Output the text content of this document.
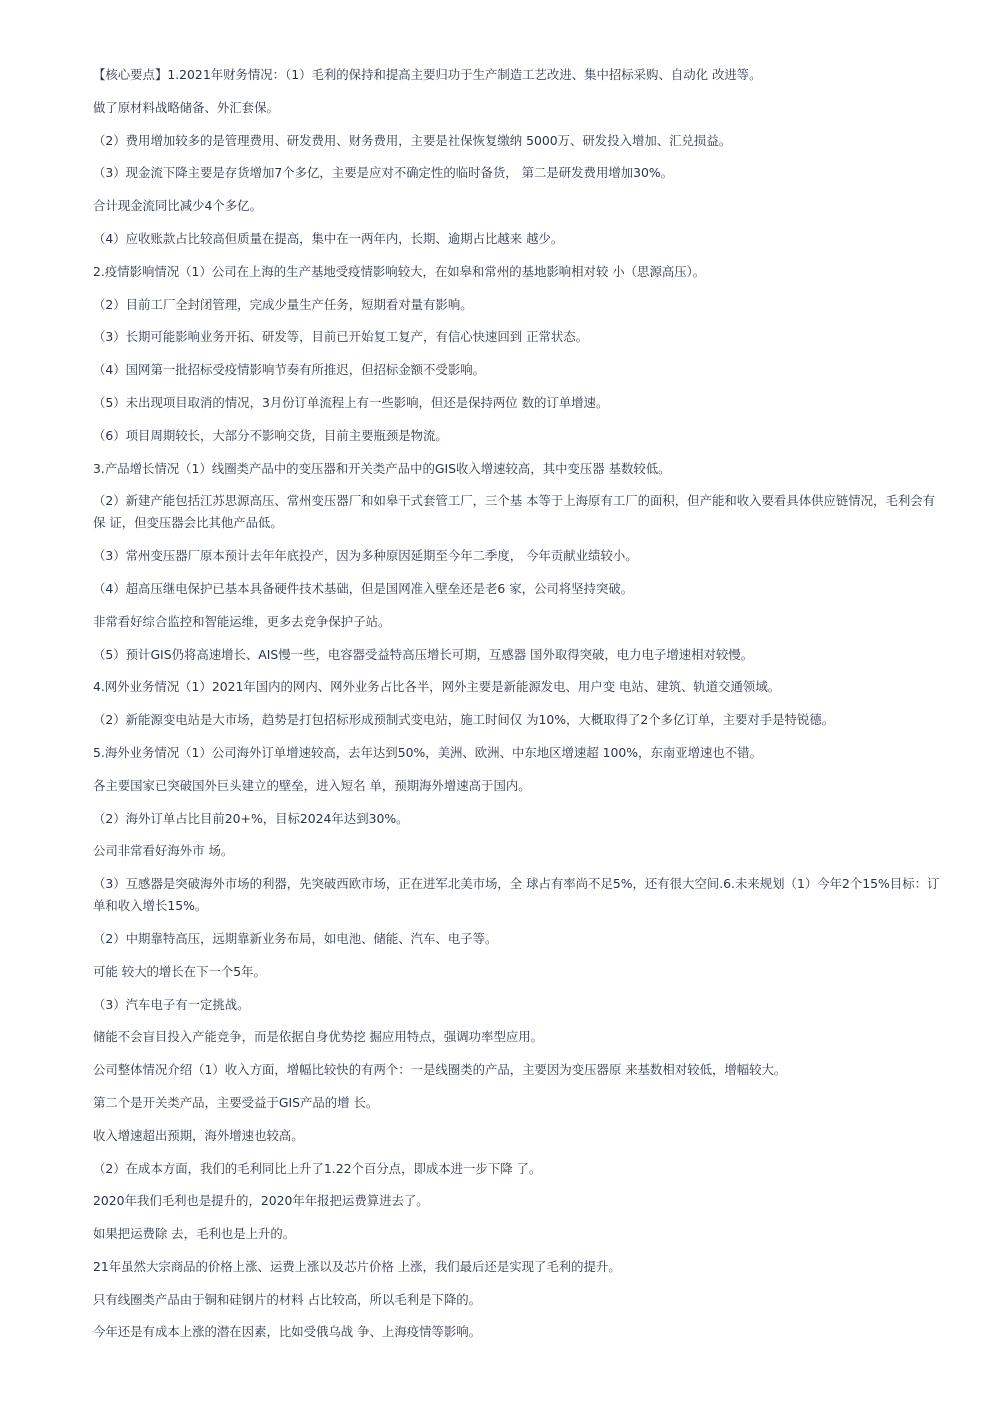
【核心要点】1.2021年财务情况：（1）毛利的保持和提高主要归功于生产制造工艺改进、集中招标采购、自动化 改进等。

做了原材料战略储备、外汇套保。

（2）费用增加较多的是管理费用、研发费用、财务费用，主要是社保恢复缴纳 5000万、研发投入增加、汇兑损益。

（3）现金流下降主要是存货增加7个多亿，主要是应对不确定性的临时备货， 第二是研发费用增加30%。

合计现金流同比减少4个多亿。

（4）应收账款占比较高但质量在提高，集中在一两年内，长期、逾期占比越来 越少。

2.疫情影响情况（1）公司在上海的生产基地受疫情影响较大，在如皋和常州的基地影响相对较 小（思源高压）。

（2）目前工厂全封闭管理，完成少量生产任务，短期看对量有影响。

（3）长期可能影响业务开拓、研发等，目前已开始复工复产，有信心快速回到 正常状态。

（4）国网第一批招标受疫情影响节奏有所推迟，但招标金额不受影响。

（5）未出现项目取消的情况，3月份订单流程上有一些影响，但还是保持两位 数的订单增速。

（6）项目周期较长，大部分不影响交货，目前主要瓶颈是物流。

3.产品增长情况（1）线圈类产品中的变压器和开关类产品中的GIS收入增速较高，其中变压器 基数较低。

（2）新建产能包括江苏思源高压、常州变压器厂和如皋干式套管工厂，三个基 本等于上海原有工厂的面积，但产能和收入要看具体供应链情况，毛利会有保 证，但变压器会比其他产品低。

（3）常州变压器厂原本预计去年年底投产，因为多种原因延期至今年二季度， 今年贡献业绩较小。

（4）超高压继电保护已基本具备硬件技术基础，但是国网准入壁垒还是老6 家，公司将坚持突破。

非常看好综合监控和智能运维，更多去竞争保护子站。

（5）预计GIS仍将高速增长、AIS慢一些，电容器受益特高压增长可期，互感器 国外取得突破，电力电子增速相对较慢。

4.网外业务情况（1）2021年国内的网内、网外业务占比各半，网外主要是新能源发电、用户变 电站、建筑、轨道交通领域。

（2）新能源变电站是大市场，趋势是打包招标形成预制式变电站，施工时间仅 为10%，大概取得了2个多亿订单，主要对手是特锐德。

5.海外业务情况（1）公司海外订单增速较高，去年达到50%，美洲、欧洲、中东地区增速超 100%，东南亚增速也不错。

各主要国家已突破国外巨头建立的壁垒，进入短名 单，预期海外增速高于国内。

（2）海外订单占比目前20+%，目标2024年达到30%。

公司非常看好海外市 场。

（3）互感器是突破海外市场的利器，先突破西欧市场，正在进军北美市场，全 球占有率尚不足5%，还有很大空间.6.未来规划（1）今年2个15%目标：订单和收入增长15%。

（2）中期靠特高压，远期靠新业务布局，如电池、储能、汽车、电子等。

可能 较大的增长在下一个5年。

（3）汽车电子有一定挑战。

储能不会盲目投入产能竞争，而是依据自身优势挖 掘应用特点，强调功率型应用。

公司整体情况介绍（1）收入方面，增幅比较快的有两个：一是线圈类的产品，主要因为变压器原 来基数相对较低，增幅较大。

第二个是开关类产品，主要受益于GIS产品的增 长。

收入增速超出预期，海外增速也较高。

（2）在成本方面，我们的毛利同比上升了1.22个百分点，即成本进一步下降 了。

2020年我们毛利也是提升的，2020年年报把运费算进去了。

如果把运费除 去，毛利也是上升的。

21年虽然大宗商品的价格上涨、运费上涨以及芯片价格 上涨，我们最后还是实现了毛利的提升。

只有线圈类产品由于铜和硅钢片的材料 占比较高，所以毛利是下降的。

今年还是有成本上涨的潜在因素，比如受俄乌战 争、上海疫情等影响。
